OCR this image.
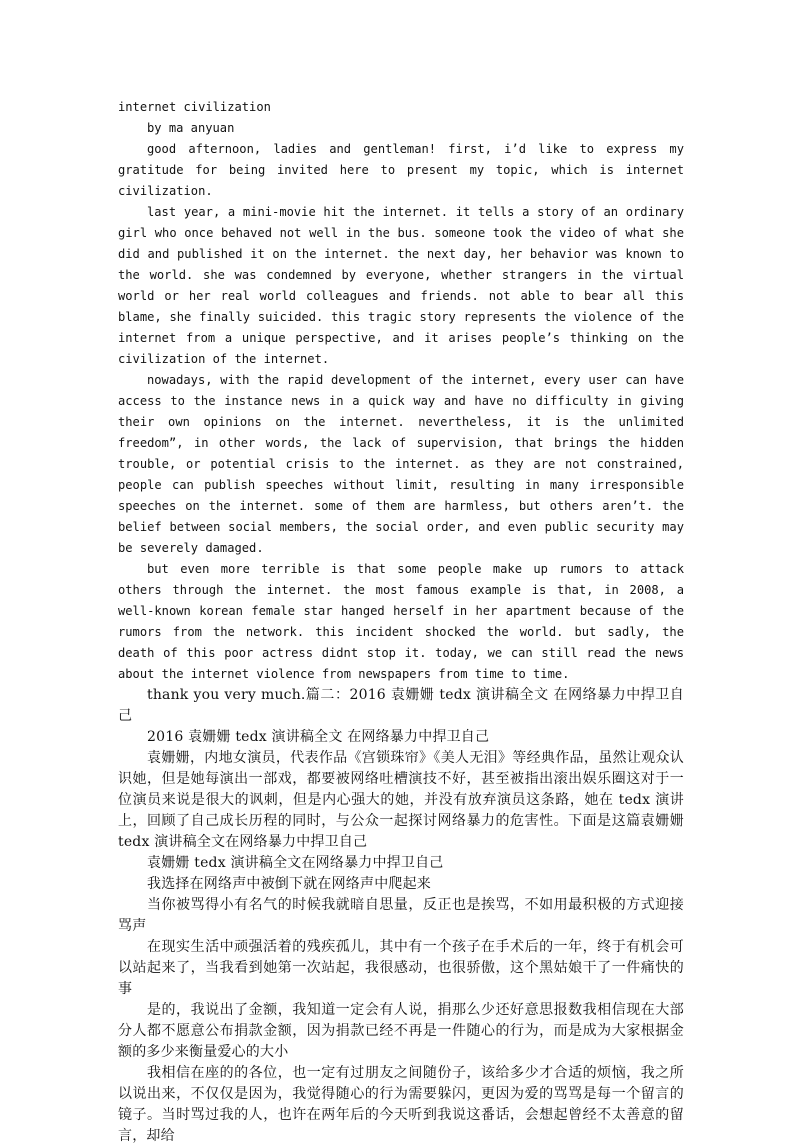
internet civilization

by ma anyuan

good afternoon, ladies and gentleman! first, i’d like to express my gratitude for being invited here to present my topic, which is internet civilization.

last year, a mini-movie hit the internet. it tells a story of an ordinary girl who once behaved not well in the bus. someone took the video of what she did and published it on the internet. the next day, her behavior was known to the world. she was condemned by everyone, whether strangers in the virtual world or her real world colleagues and friends. not able to bear all this blame, she finally suicided. this tragic story represents the violence of the internet from a unique perspective, and it arises people’s thinking on the civilization of the internet.

nowadays, with the rapid development of the internet, every user can have access to the instance news in a quick way and have no difficulty in giving their own opinions on the internet. nevertheless, it is the unlimited freedom”, in other words, the lack of supervision, that brings the hidden trouble, or potential crisis to the internet. as they are not constrained, people can publish speeches without limit, resulting in many irresponsible speeches on the internet. some of them are harmless, but others aren’t. the belief between social members, the social order, and even public security may be severely damaged.

but even more terrible is that some people make up rumors to attack others through the internet. the most famous example is that, in 2008, a well-known korean female star hanged herself in her apartment because of the rumors from the network. this incident shocked the world. but sadly, the death of this poor actress didnt stop it. today, we can still read the news about the internet violence from newspapers from time to time.

thank you very much.篇二：2016 袁姗姗 tedx 演讲稿全文 在网络暴力中捍卫自己

2016 袁姗姗 tedx 演讲稿全文 在网络暴力中捍卫自己

袁姗姗，内地女演员，代表作品《宫锁珠帘》《美人无泪》等经典作品，虽然让观众认识她，但是她每演出一部戏，都要被网络吐槽演技不好，甚至被指出滚出娱乐圈这对于一位演员来说是很大的讽刺，但是内心强大的她，并没有放弃演员这条路，她在 tedx 演讲上，回顾了自己成长历程的同时，与公众一起探讨网络暴力的危害性。下面是这篇袁姗姗 tedx 演讲稿全文在网络暴力中捍卫自己

袁姗姗 tedx 演讲稿全文在网络暴力中捍卫自己

我选择在网络声中被倒下就在网络声中爬起来

当你被骂得小有名气的时候我就暗自思量，反正也是挨骂，不如用最积极的方式迎接骂声

在现实生活中顽强活着的残疾孤儿，其中有一个孩子在手术后的一年，终于有机会可以站起来了，当我看到她第一次站起，我很感动，也很骄傲，这个黑姑娘干了一件痛快的事

是的，我说出了金额，我知道一定会有人说，捐那么少还好意思报数我相信现在大部分人都不愿意公布捐款金额，因为捐款已经不再是一件随心的行为，而是成为大家根据金额的多少来衡量爱心的大小

我相信在座的的各位，也一定有过朋友之间随份子，该给多少才合适的烦恼，我之所以说出来，不仅仅是因为，我觉得随心的行为需要躲闪，更因为爱的骂骂是每一个留言的镜子。当时骂过我的人，也许在两年后的今天听到我说这番话，会想起曾经不太善意的留言，却给
